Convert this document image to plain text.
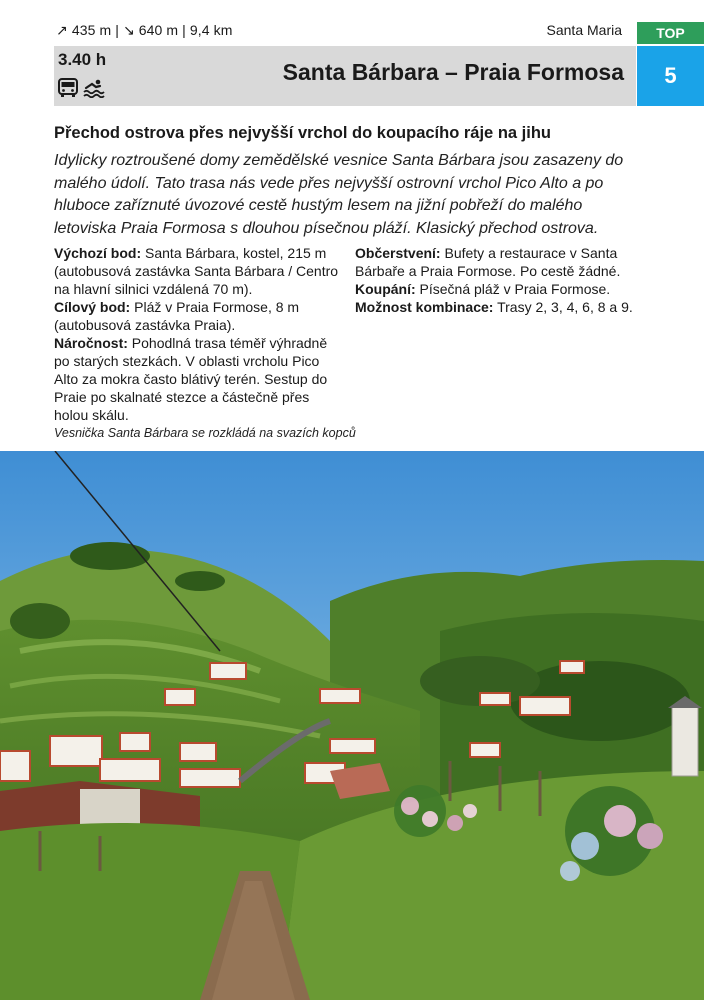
↗ 435 m | ↘ 640 m | 9,4 km	Santa Maria	TOP
3.40 h	Santa Bárbara – Praia Formosa	5
Přechod ostrova přes nejvyšší vrchol do koupacího ráje na jihu
Idylicky roztroušené domy zemědělské vesnice Santa Bárbara jsou zasazeny do malého údolí. Tato trasa nás vede přes nejvyšší ostrovní vrchol Pico Alto a po hluboce zaříznuté úvozové cestě hustým lesem na jižní pobřeží do malého letoviska Praia Formosa s dlouhou písečnou pláží. Klasický přechod ostrova.

Výchozí bod: Santa Bárbara, kostel, 215 m (autobusová zastávka Santa Bárbara / Centro na hlavní silnici vzdálená 70 m).

Cílový bod: Pláž v Praia Formose, 8 m (autobusová zastávka Praia).

Náročnost: Pohodlná trasa téměř výhradně po starých stezkách. V oblasti vrcholu Pico Alto za mokra často blátivý terén. Sestup do Praie po skalnaté stezce a částečně přes holou skálu.

Občerstvení: Bufety a restaurace v Santa Bárbaře a Praia Formose. Po cestě žádné.

Koupání: Písečná pláž v Praia Formose.

Možnost kombinace: Trasy 2, 3, 4, 6, 8 a 9.

Vesnička Santa Bárbara se rozkládá na svazích kopců
